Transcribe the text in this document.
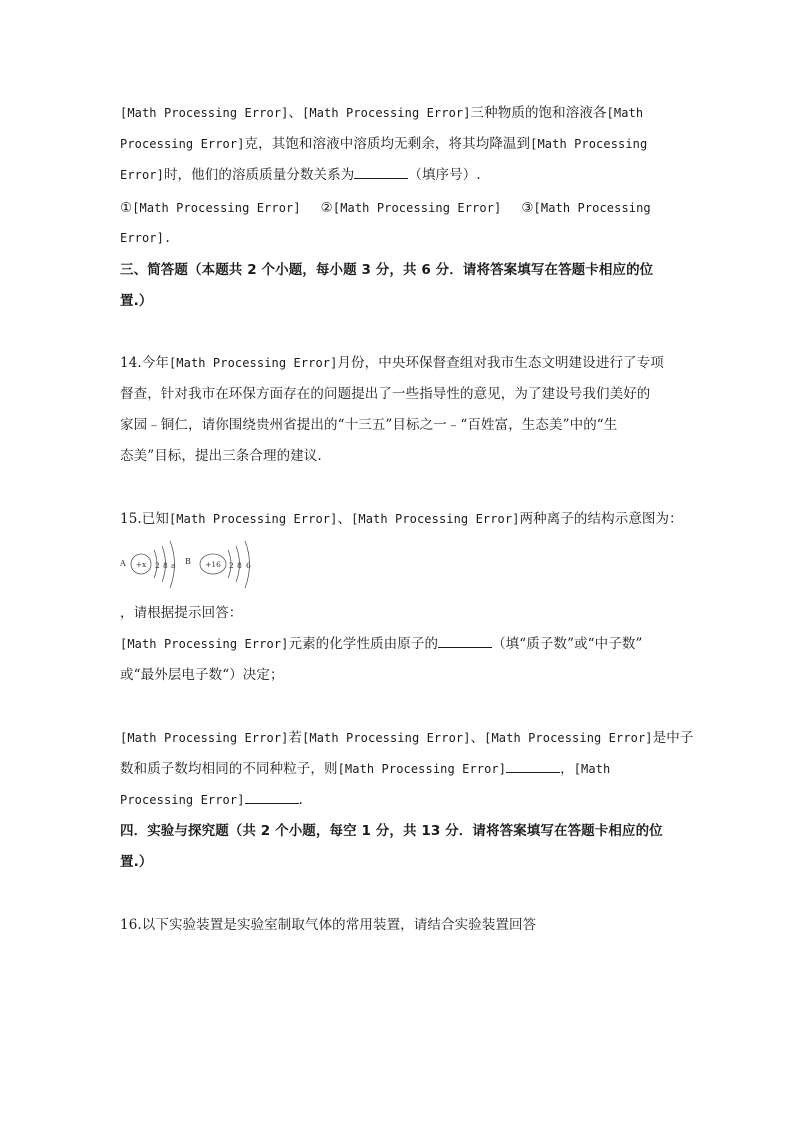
[Math Processing Error]、[Math Processing Error]三种物质的饱和溶液各[Math
Processing Error]克，其饱和溶液中溶质均无剩余，将其均降温到[Math Processing
Error]时，他们的溶质质量分数关系为	（填序号）.
①[Math Processing Error] ②[Math Processing Error] ③[Math Processing
Error].
三、简答题（本题共 2 个小题，每小题 3 分，共 6 分．请将答案填写在答题卡相应的位
置.）
14.今年[Math Processing Error]月份，中央环保督查组对我市生态文明建设进行了专项
督查，针对我市在环保方面存在的问题提出了一些指导性的意见，为了建设号我们美好的
家园﹣铜仁，请你围绕贵州省提出的“十三五”目标之一﹣“百姓富，生态美”中的“生
态美”目标，提出三条合理的建议.
15.已知[Math Processing Error]、[Math Processing Error]两种离子的结构示意图为：
A +x 2 8 a B +16 2 8 6
，请根据提示回答：
[Math Processing Error]元素的化学性质由原子的	（填“质子数”或“中子数”
或“最外层电子数“）决定；
[Math Processing Error]若[Math Processing Error]、[Math Processing Error]是中子
数和质子数均相同的不同种粒子，则[Math Processing Error]	，[Math
Processing Error]	.
四．实验与探究题（共 2 个小题，每空 1 分，共 13 分．请将答案填写在答题卡相应的位
置.）
16.以下实验装置是实验室制取气体的常用装置，请结合实验装置回答
